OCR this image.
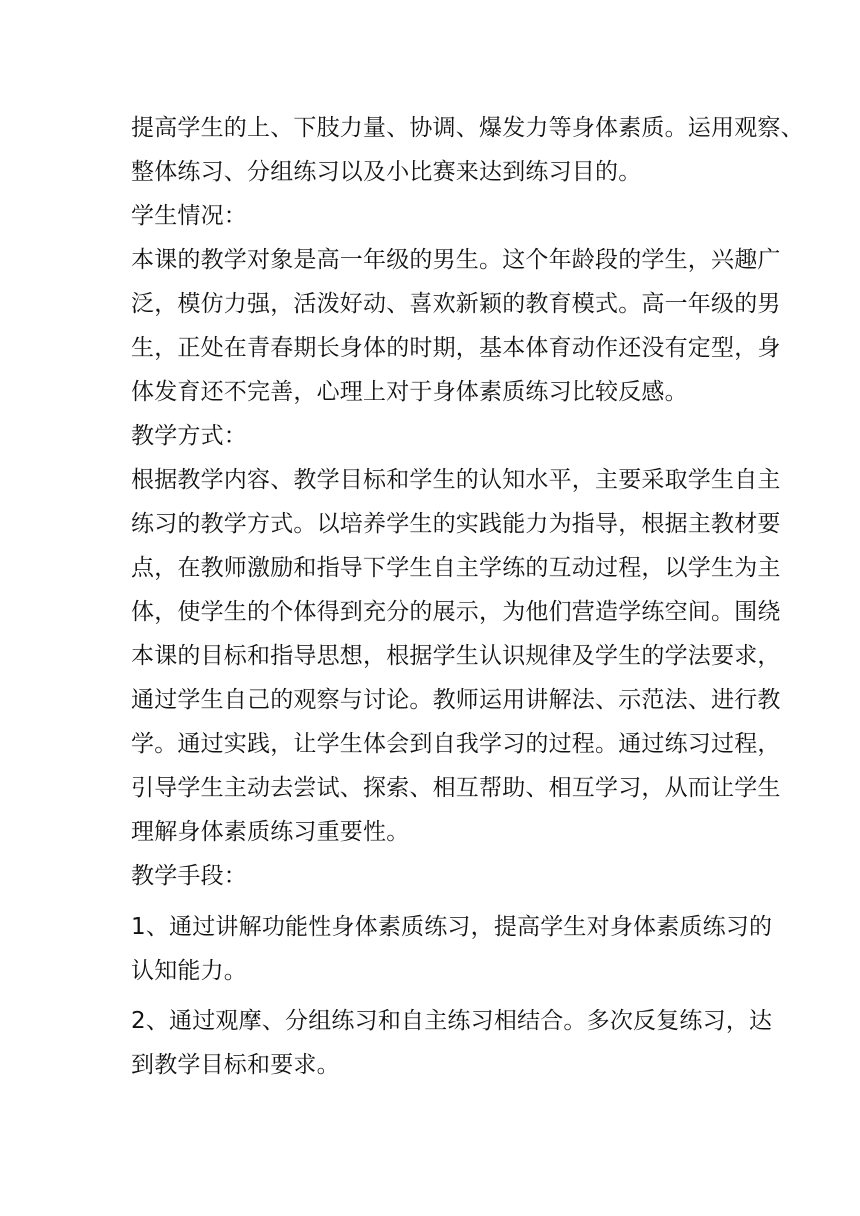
提高学生的上、下肢力量、协调、爆发力等身体素质。运用观察、
整体练习、分组练习以及小比赛来达到练习目的。
学生情况：
本课的教学对象是高一年级的男生。这个年龄段的学生，兴趣广
泛，模仿力强，活泼好动、喜欢新颖的教育模式。高一年级的男
生，正处在青春期长身体的时期，基本体育动作还没有定型，身
体发育还不完善，心理上对于身体素质练习比较反感。
教学方式：
根据教学内容、教学目标和学生的认知水平，主要采取学生自主
练习的教学方式。以培养学生的实践能力为指导，根据主教材要
点，在教师激励和指导下学生自主学练的互动过程，以学生为主
体，使学生的个体得到充分的展示，为他们营造学练空间。围绕
本课的目标和指导思想，根据学生认识规律及学生的学法要求，
通过学生自己的观察与讨论。教师运用讲解法、示范法、进行教
学。通过实践，让学生体会到自我学习的过程。通过练习过程，
引导学生主动去尝试、探索、相互帮助、相互学习，从而让学生
理解身体素质练习重要性。
教学手段：
1、通过讲解功能性身体素质练习，提高学生对身体素质练习的
认知能力。
2、通过观摩、分组练习和自主练习相结合。多次反复练习，达
到教学目标和要求。
